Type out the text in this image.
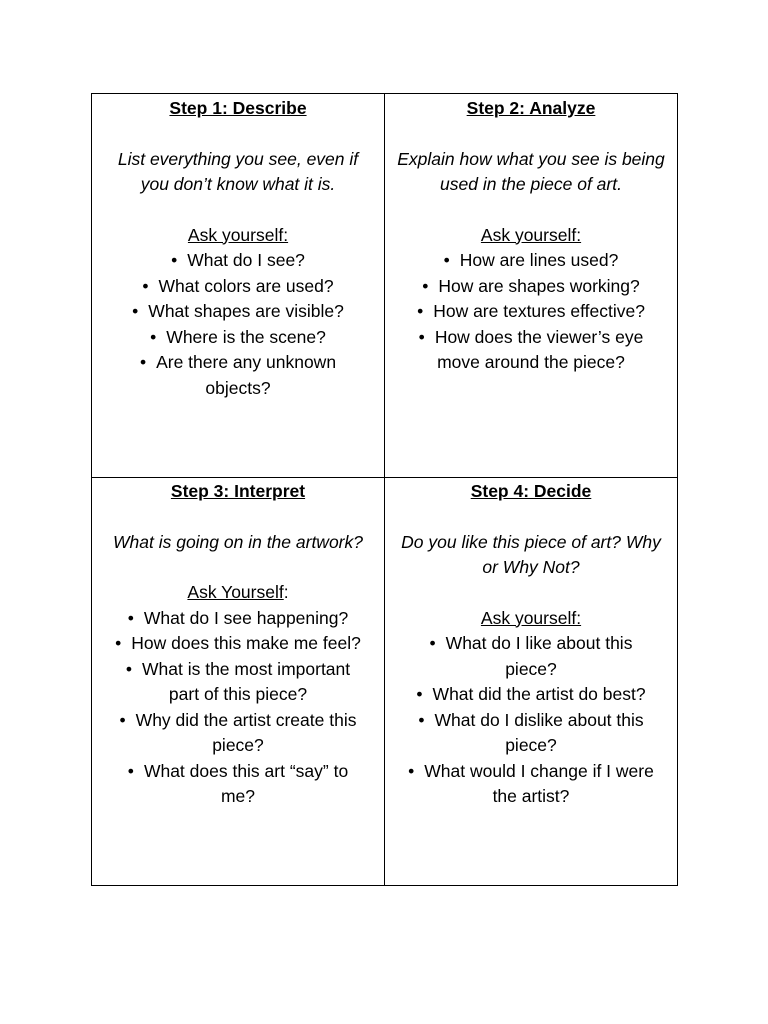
Step 1: Describe
List everything you see, even if you don’t know what it is.
Ask yourself:
• What do I see?
• What colors are used?
• What shapes are visible?
• Where is the scene?
• Are there any unknown objects?
Step 2: Analyze
Explain how what you see is being used in the piece of art.
Ask yourself:
• How are lines used?
• How are shapes working?
• How are textures effective?
• How does the viewer’s eye move around the piece?
Step 3: Interpret
What is going on in the artwork?
Ask Yourself:
• What do I see happening?
• How does this make me feel?
• What is the most important part of this piece?
• Why did the artist create this piece?
• What does this art “say” to me?
Step 4: Decide
Do you like this piece of art? Why or Why Not?
Ask yourself:
• What do I like about this piece?
• What did the artist do best?
• What do I dislike about this piece?
• What would I change if I were the artist?
